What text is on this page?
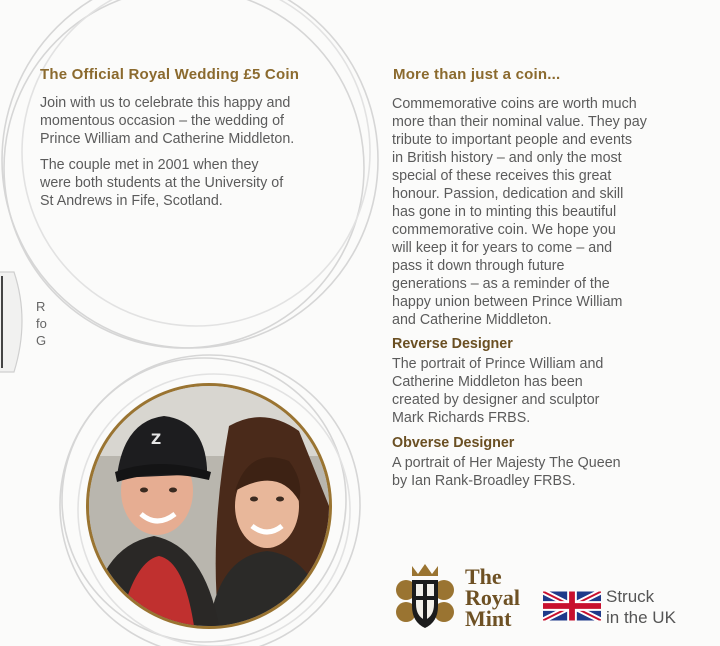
R
fo
G
The Official Royal Wedding £5 Coin

Join with us to celebrate this happy and
momentous occasion – the wedding of
Prince William and Catherine Middleton.

The couple met in 2001 when they
were both students at the University of
St Andrews in Fife, Scotland.

More than just a coin...

Commemorative coins are worth much
more than their nominal value. They pay
tribute to important people and events
in British history – and only the most
special of these receives this great
honour. Passion, dedication and skill
has gone in to minting this beautiful
commemorative coin. We hope you
will keep it for years to come – and
pass it down through future
generations – as a reminder of the
happy union between Prince William
and Catherine Middleton.

Reverse Designer

The portrait of Prince William and
Catherine Middleton has been
created by designer and sculptor
Mark Richards FRBS.

Obverse Designer

A portrait of Her Majesty The Queen
by Ian Rank-Broadley FRBS.

Z
The
Royal
Mint
Struck
in the UK
